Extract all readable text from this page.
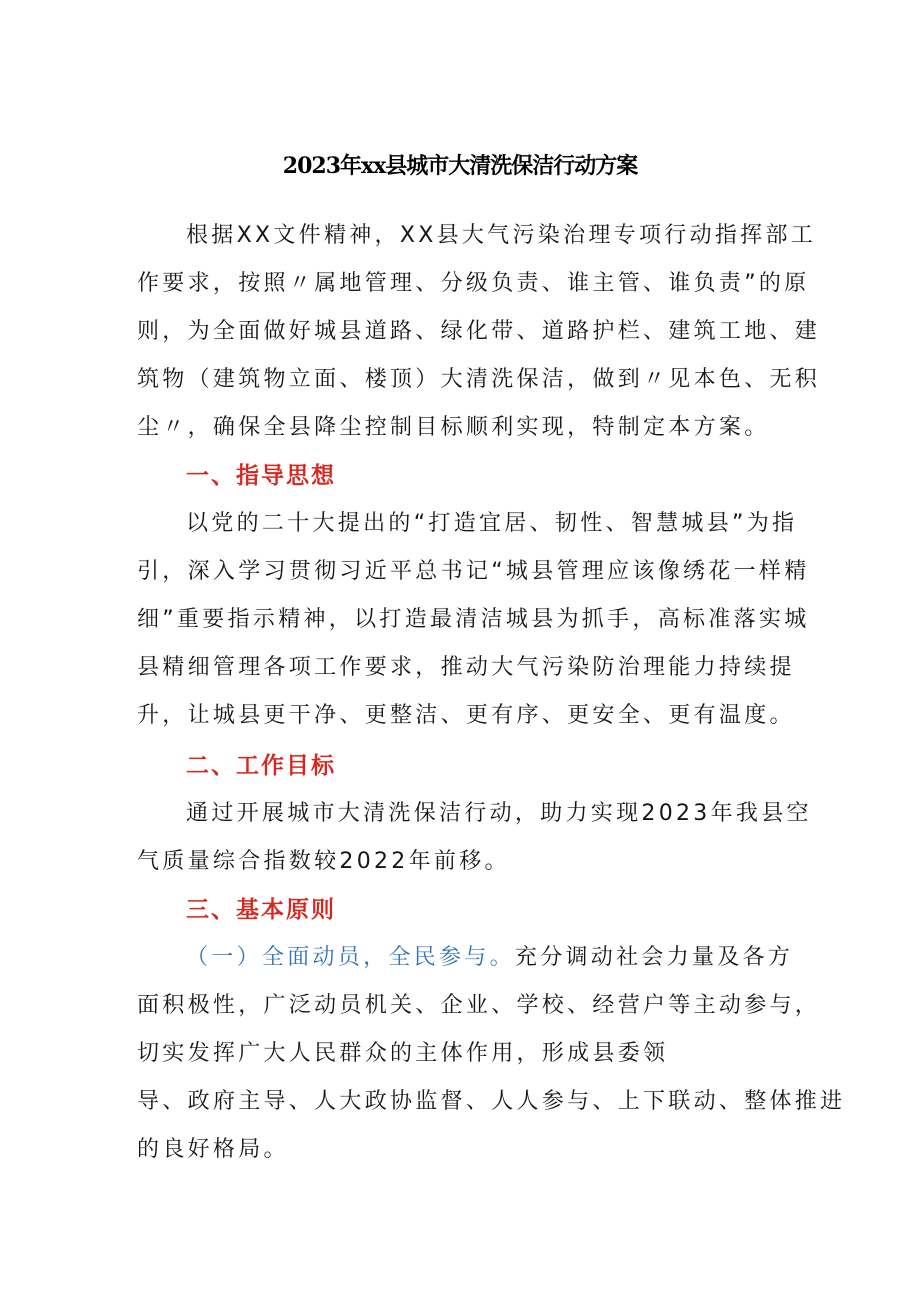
2023年xx县城市大清洗保洁行动方案
根据XX文件精神，XX县大气污染治理专项行动指挥部工
作要求，按照〃属地管理、分级负责、谁主管、谁负责”的原
则，为全面做好城县道路、绿化带、道路护栏、建筑工地、建
筑物（建筑物立面、楼顶）大清洗保洁，做到〃见本色、无积
尘〃，确保全县降尘控制目标顺利实现，特制定本方案。
一、指导思想
以党的二十大提出的“打造宜居、韧性、智慧城县”为指
引，深入学习贯彻习近平总书记“城县管理应该像绣花一样精
细”重要指示精神，以打造最清洁城县为抓手，高标准落实城
县精细管理各项工作要求，推动大气污染防治理能力持续提
升，让城县更干净、更整洁、更有序、更安全、更有温度。
二、工作目标
通过开展城市大清洗保洁行动，助力实现2023年我县空
气质量综合指数较2022年前移。
三、基本原则
（一）全面动员，全民参与。充分调动社会力量及各方
面积极性，广泛动员机关、企业、学校、经营户等主动参与，
切实发挥广大人民群众的主体作用，形成县委领
导、政府主导、人大政协监督、人人参与、上下联动、整体推进
的良好格局。
